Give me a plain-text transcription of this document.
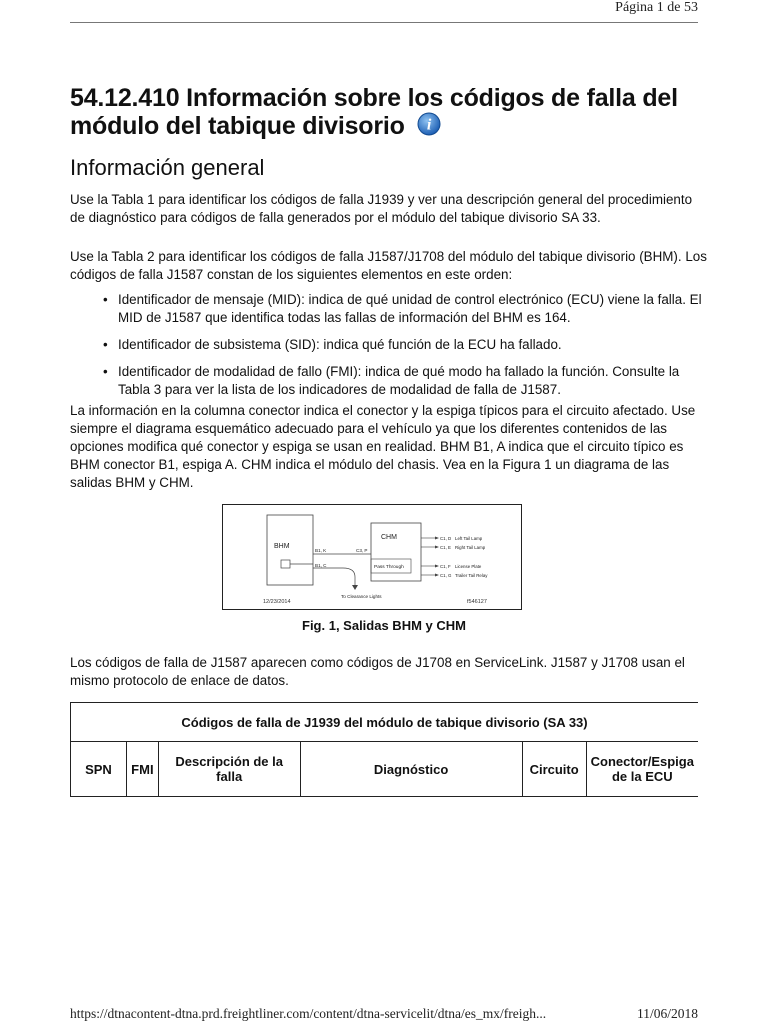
Página 1 de 53
54.12.410 Información sobre los códigos de falla del módulo del tabique divisorio i
Información general

Use la Tabla 1 para identificar los códigos de falla J1939 y ver una descripción general del procedimiento de diagnóstico para códigos de falla generados por el módulo del tabique divisorio SA 33.

Use la Tabla 2 para identificar los códigos de falla J1587/J1708 del módulo del tabique divisorio (BHM). Los códigos de falla J1587 constan de los siguientes elementos en este orden:

• Identificador de mensaje (MID): indica de qué unidad de control electrónico (ECU) viene la falla. El MID de J1587 que identifica todas las fallas de información del BHM es 164.
• Identificador de subsistema (SID): indica qué función de la ECU ha fallado.
• Identificador de modalidad de fallo (FMI): indica de qué modo ha fallado la función. Consulte la Tabla 3 para ver la lista de los indicadores de modalidad de falla de J1587.

La información en la columna conector indica el conector y la espiga típicos para el circuito afectado. Use siempre el diagrama esquemático adecuado para el vehículo ya que los diferentes contenidos de las opciones modifica qué conector y espiga se usan en realidad. BHM B1, A indica que el circuito típico es BHM conector B1, espiga A. CHM indica el módulo del chasis. Vea en la Figura 1 un diagrama de las salidas BHM y CHM.

BHM
CHM
Pass Through
B1, K	C3, P
B1, C
To Clearance Lights
C1, D Left Tail Lamp
C1, E Right Tail Lamp
C1, F License Plate
C1, G Trailer Tail Relay
12/23/2014	f546127
Fig. 1, Salidas BHM y CHM

Los códigos de falla de J1587 aparecen como códigos de J1708 en ServiceLink. J1587 y J1708 usan el mismo protocolo de enlace de datos.

Códigos de falla de J1939 del módulo de tabique divisorio (SA 33)
SPN	FMI	Descripción de la falla	Diagnóstico	Circuito	Conector/Espiga de la ECU
https://dtnacontent-dtna.prd.freightliner.com/content/dtna-servicelit/dtna/es_mx/freigh...	11/06/2018
